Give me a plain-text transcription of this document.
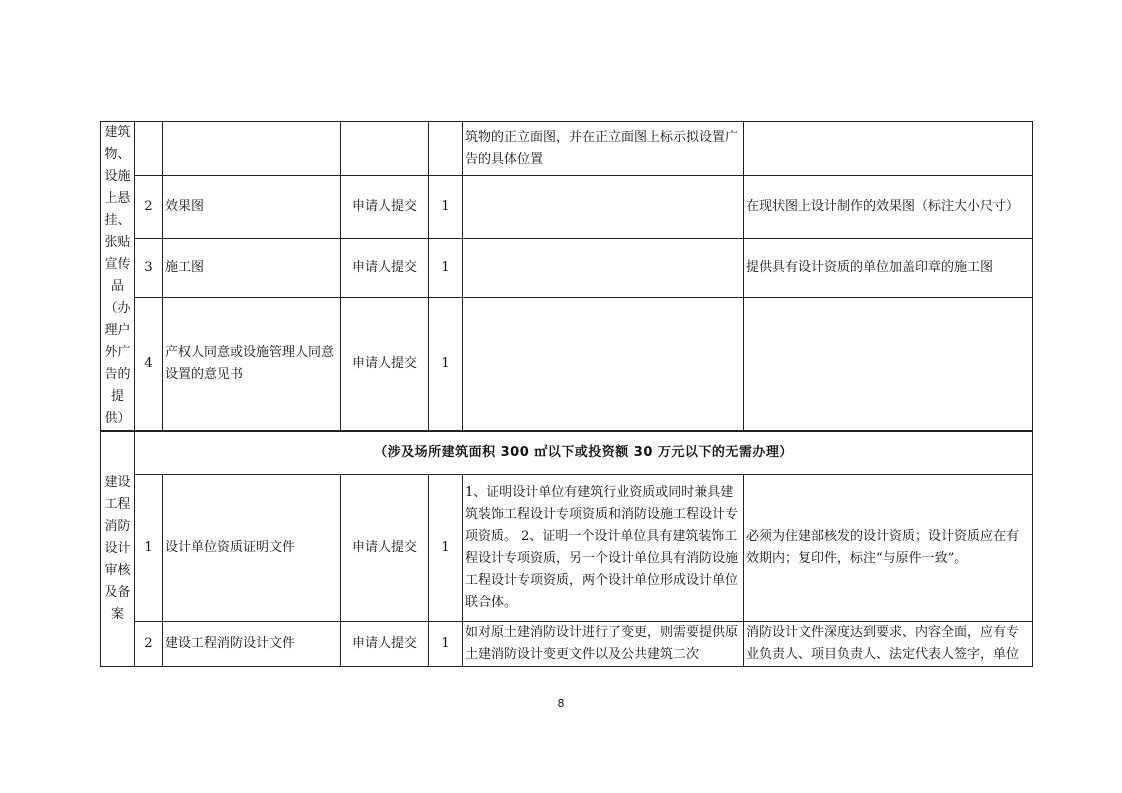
建筑物、设施上悬挂、张贴宣传品（办理户外广告的提供）					筑物的正立面图，并在正立面图上标示拟设置广告的具体位置	
	2	效果图	申请人提交	1		在现状图上设计制作的效果图（标注大小尺寸）
	3	施工图	申请人提交	1		提供具有设计资质的单位加盖印章的施工图
	4	产权人同意或设施管理人同意设置的意见书	申请人提交	1		
建设工程消防设计审核及备案	（涉及场所建筑面积 300 ㎡以下或投资额 30 万元以下的无需办理）					
	1	设计单位资质证明文件	申请人提交	1	1、证明设计单位有建筑行业资质或同时兼具建筑装饰工程设计专项资质和消防设施工程设计专项资质。 2、证明一个设计单位具有建筑装饰工程设计专项资质，另一个设计单位具有消防设施工程设计专项资质，两个设计单位形成设计单位联合体。	必须为住建部核发的设计资质；设计资质应在有效期内；复印件，标注“与原件一致”。
	2	建设工程消防设计文件	申请人提交	1	如对原土建消防设计进行了变更，则需要提供原土建消防设计变更文件以及公共建筑二次	消防设计文件深度达到要求、内容全面，应有专业负责人、项目负责人、法定代表人签字，单位
8
